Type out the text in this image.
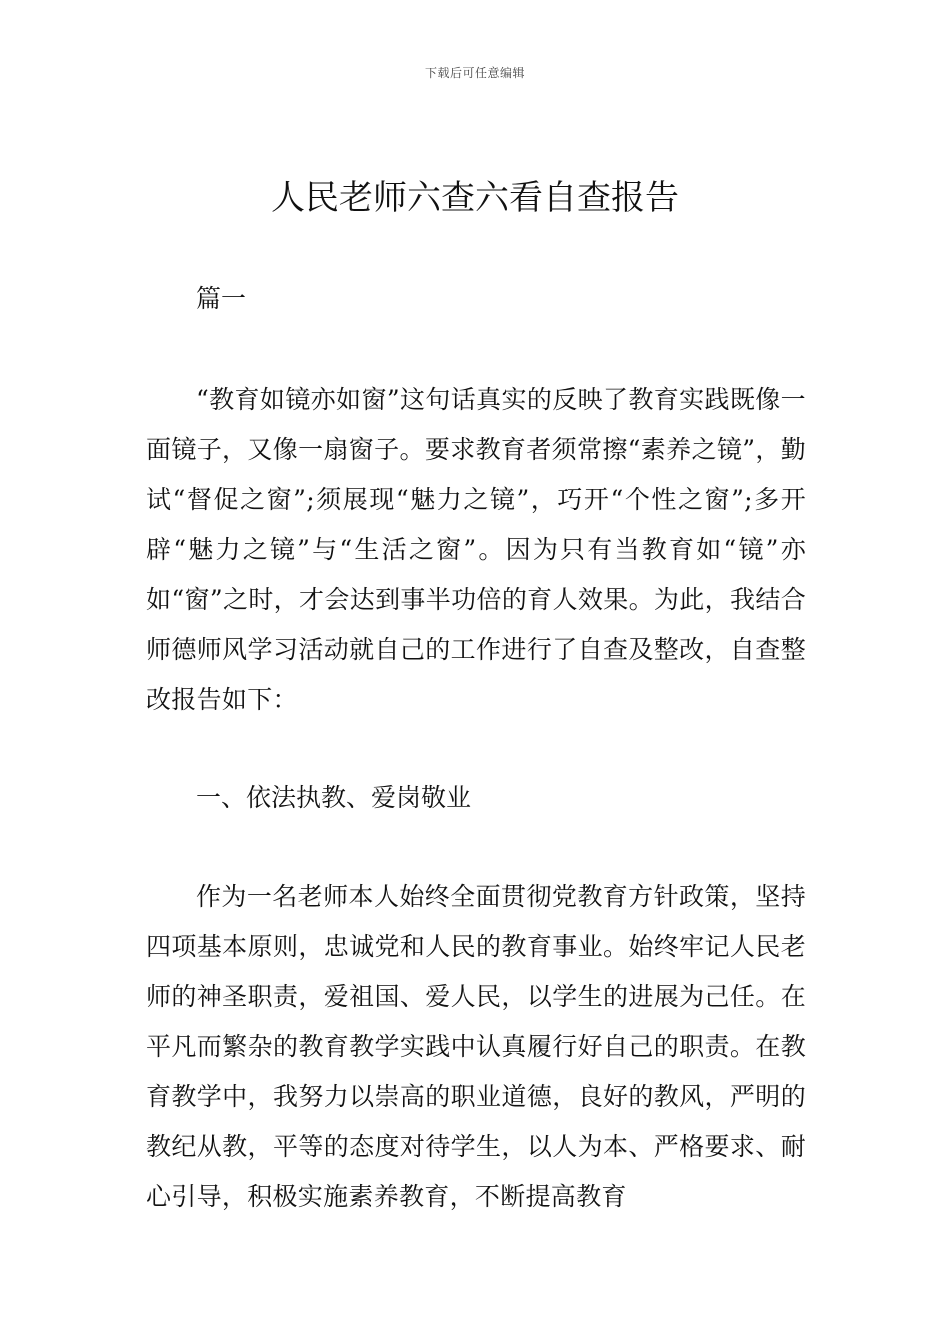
下载后可任意编辑
人民老师六查六看自查报告

篇一

“教育如镜亦如窗”这句话真实的反映了教育实践既像一面镜子，又像一扇窗子。要求教育者须常擦“素养之镜”，勤试“督促之窗”;须展现“魅力之镜”，巧开“个性之窗”;多开辟“魅力之镜”与“生活之窗”。因为只有当教育如“镜”亦如“窗”之时，才会达到事半功倍的育人效果。为此，我结合师德师风学习活动就自己的工作进行了自查及整改，自查整改报告如下：

一、依法执教、爱岗敬业

作为一名老师本人始终全面贯彻党教育方针政策，坚持四项基本原则，忠诚党和人民的教育事业。始终牢记人民老师的神圣职责，爱祖国、爱人民，以学生的进展为己任。在平凡而繁杂的教育教学实践中认真履行好自己的职责。在教育教学中，我努力以崇高的职业道德，良好的教风，严明的教纪从教，平等的态度对待学生，以人为本、严格要求、耐心引导，积极实施素养教育，不断提高教育
